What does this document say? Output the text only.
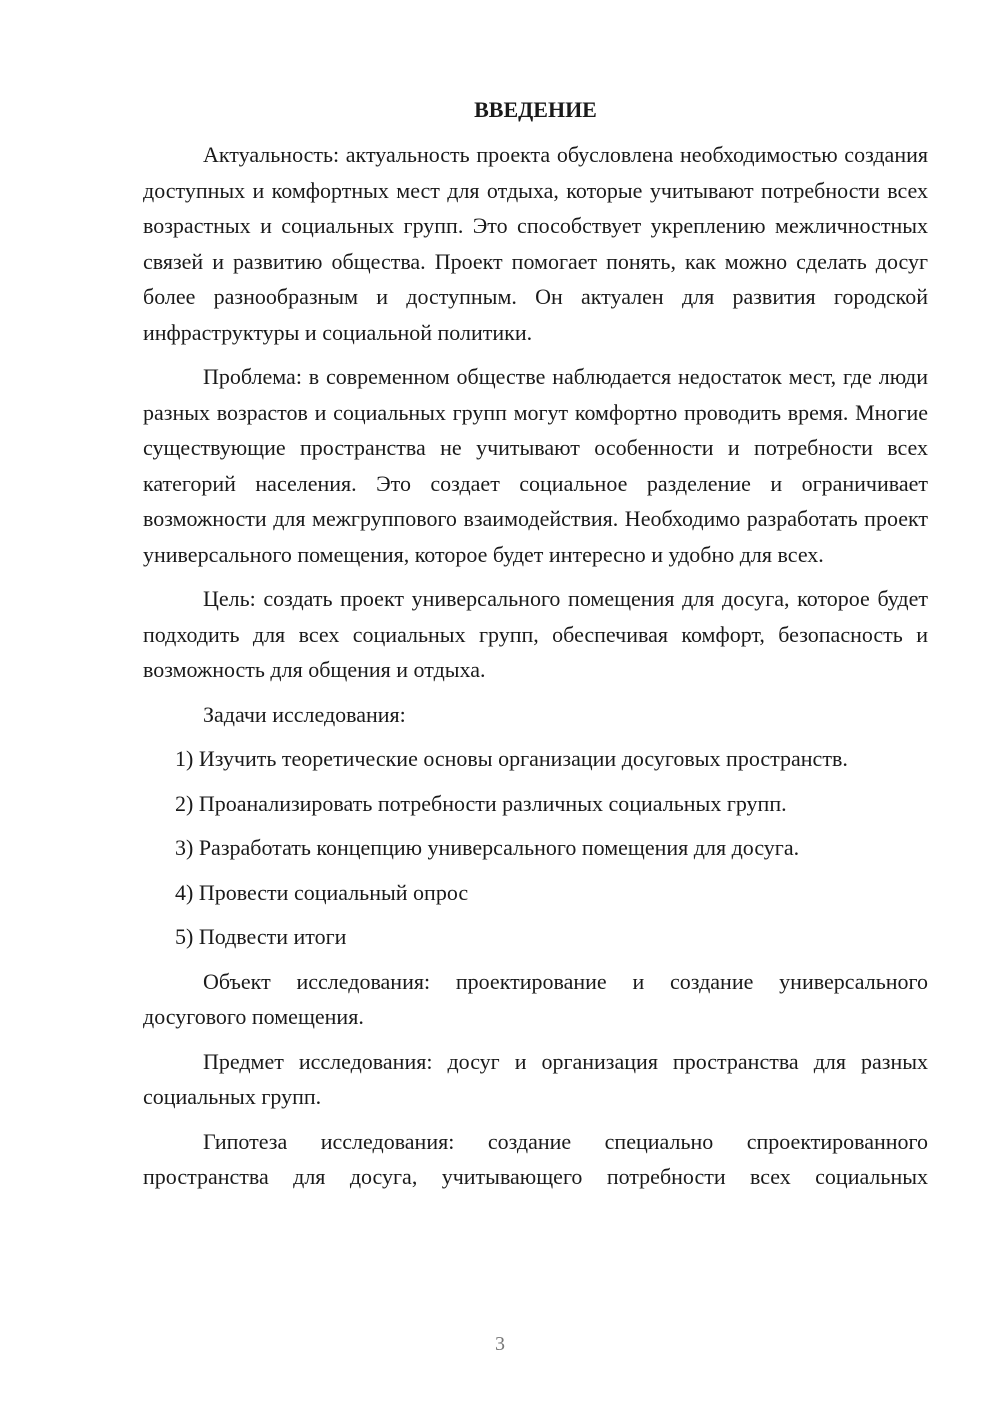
ВВЕДЕНИЕ

Актуальность: актуальность проекта обусловлена необходимостью создания доступных и комфортных мест для отдыха, которые учитывают потребности всех возрастных и социальных групп. Это способствует укреплению межличностных связей и развитию общества. Проект помогает понять, как можно сделать досуг более разнообразным и доступным. Он актуален для развития городской инфраструктуры и социальной политики.

Проблема: в современном обществе наблюдается недостаток мест, где люди разных возрастов и социальных групп могут комфортно проводить время. Многие существующие пространства не учитывают особенности и потребности всех категорий населения. Это создает социальное разделение и ограничивает возможности для межгруппового взаимодействия. Необходимо разработать проект универсального помещения, которое будет интересно и удобно для всех.

Цель: создать проект универсального помещения для досуга, которое будет подходить для всех социальных групп, обеспечивая комфорт, безопасность и возможность для общения и отдыха.

Задачи исследования:

1) Изучить теоретические основы организации досуговых пространств.

2) Проанализировать потребности различных социальных групп.

3) Разработать концепцию универсального помещения для досуга.

4) Провести социальный опрос

5) Подвести итоги

Объект исследования: проектирование и создание универсального досугового помещения.

Предмет исследования: досуг и организация пространства для разных социальных групп.

Гипотеза исследования: создание специально спроектированного пространства для досуга, учитывающего потребности всех социальных

3
